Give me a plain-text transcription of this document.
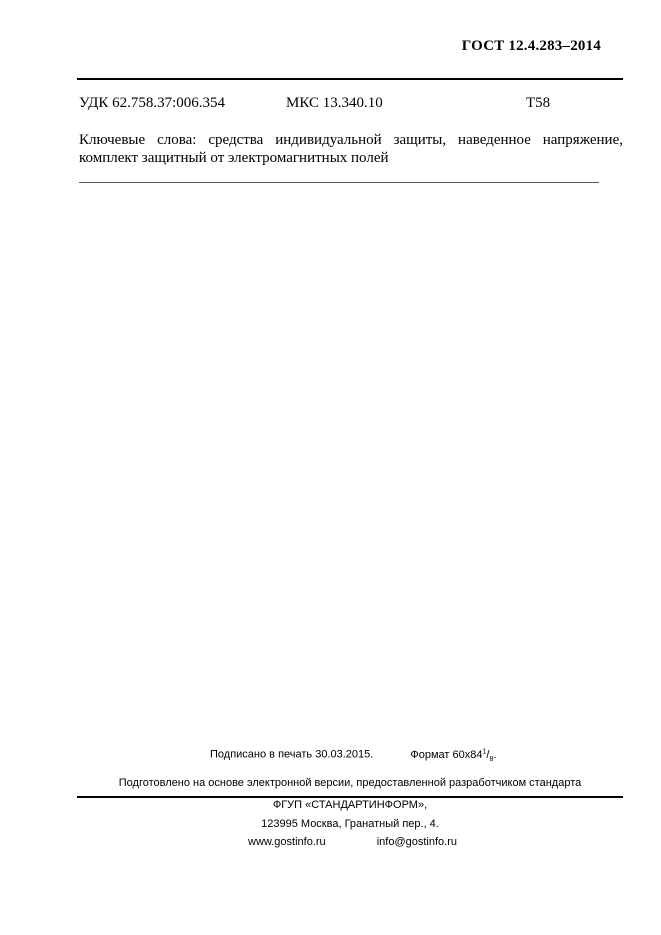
ГОСТ 12.4.283–2014
УДК 62.758.37:006.354	МКС 13.340.10	Т58
Ключевые слова: средства индивидуальной защиты, наведенное напряжение,
комплект защитный от электромагнитных полей
Подписано в печать 30.03.2015.	Формат $60x84^1/_8$.
Подготовлено на основе электронной версии, предоставленной разработчиком стандарта
ФГУП «СТАНДАРТИНФОРМ»,
123995 Москва, Гранатный пер., 4.
www.gostinfo.ru	info@gostinfo.ru
